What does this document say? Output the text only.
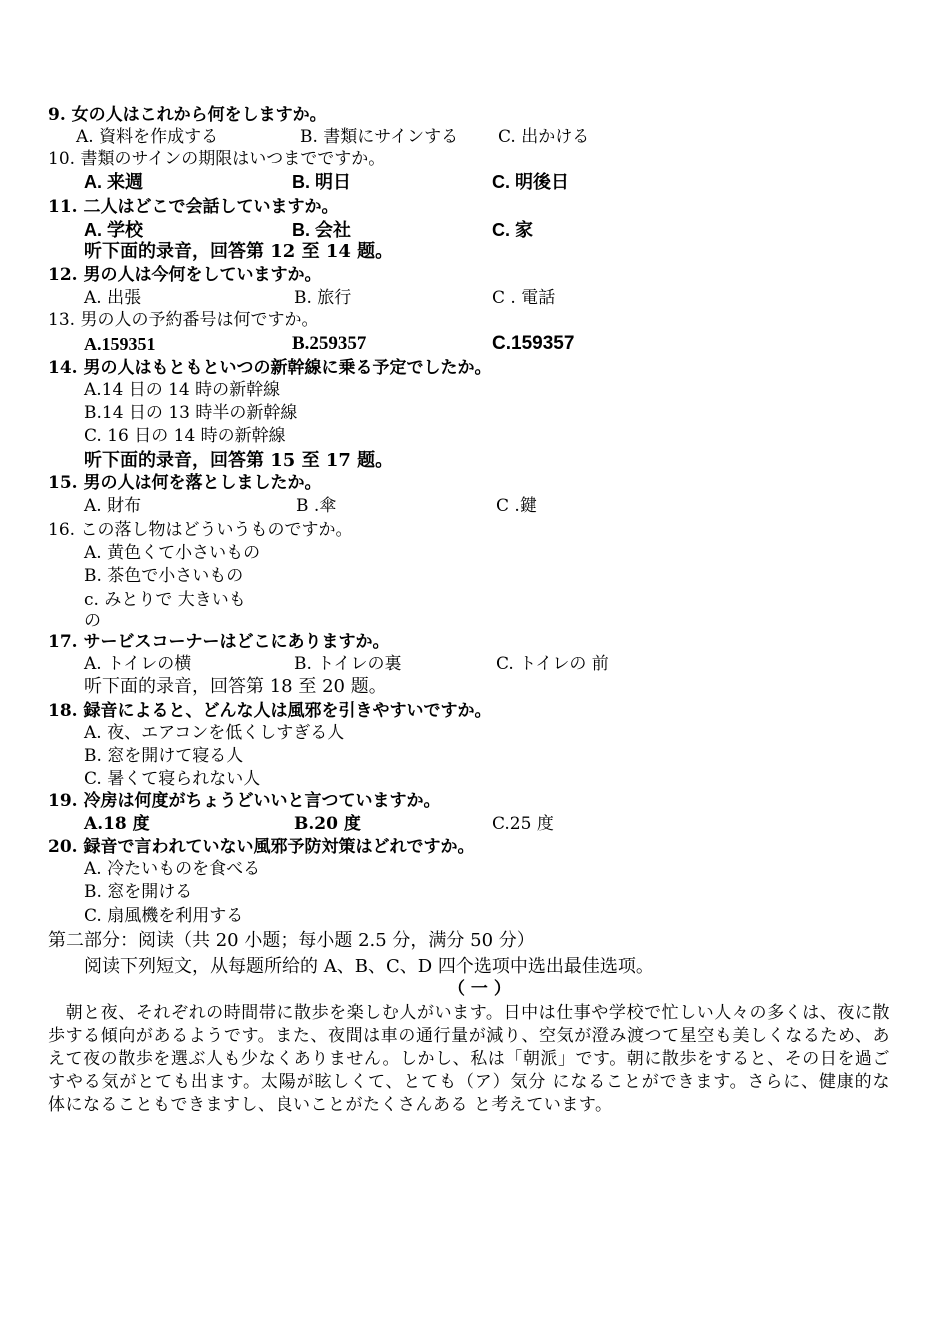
9. 女の人はこれから何をしますか。
A. 資料を作成する	B. 書類にサインする C. 出かける
10. 書類のサインの期限はいつまでですか。
A. 来週	B. 明日	C. 明後日
11. 二人はどこで会話していますか。
A. 学校	B. 会社	C. 家
听下面的录音，回答第 12 至 14 题。
12. 男の人は今何をしていますか。
A. 出張	B. 旅行	C . 電話
13. 男の人の予約番号は何ですか。
A.159351	B.259357	C.159357
14. 男の人はもともといつの新幹線に乗る予定でしたか。
A.14 日の 14 時の新幹線
B.14 日の 13 時半の新幹線
C. 16 日の 14 時の新幹線
听下面的录音，回答第 15 至 17 题。
15. 男の人は何を落としましたか。
A. 財布	B .傘	C .鍵
16. この落し物はどういうものですか。
A. 黄色くて小さいもの
B. 茶色で小さいもの
c. みとりで 大きいも
の
17. サービスコーナーはどこにありますか。
A. トイレの横	B. トイレの裏	C. トイレの 前
听下面的录音，回答第 18 至 20 题。
18. 録音によると、どんな人は風邪を引きやすいですか。
A. 夜、エアコンを低くしすぎる人
B. 窓を開けて寝る人
C. 暑くて寝られない人
19. 冷房は何度がちょうどいいと言つていますか。
A.18 度	B.20 度	C.25 度
20. 録音で言われていない風邪予防対策はどれですか。
A. 冷たいものを食べる
B. 窓を開ける
C. 扇風機を利用する
第二部分：阅读（共 20 小题；每小题 2.5 分，满分 50 分）
阅读下列短文，从每题所给的 A、B、C、D 四个选项中选出最佳选项。
（ 一 ）
　朝と夜、それぞれの時間帯に散歩を楽しむ人がいます。日中は仕事や学校で忙しい人々の多くは、夜に散歩する傾向があるようです。また、夜間は車の通行量が減り、空気が澄み渡つて星空も美しくなるため、あえて夜の散歩を選ぶ人も少なくありません。しかし、私は「朝派」です。朝に散歩をすると、その日を過ごすやる気がとても出ます。太陽が眩しくて、とても（ア）気分 になることができます。さらに、健康的な体になることもできますし、良いことがたくさんある と考えています。
